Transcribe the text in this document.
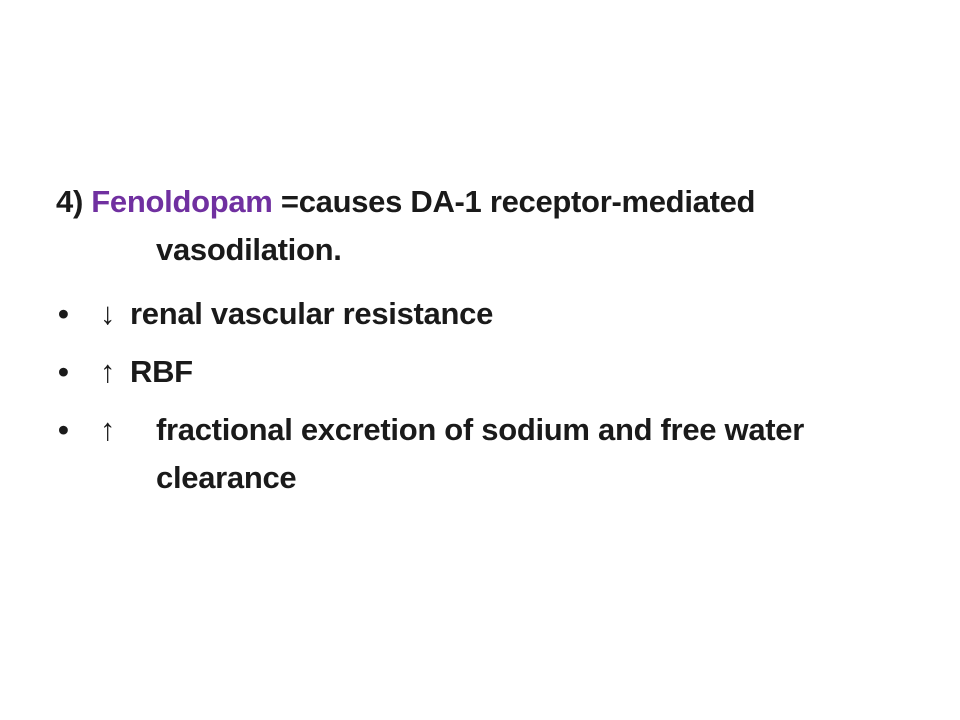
4) Fenoldopam =causes DA-1 receptor-mediated vasodilation.

•	↓ renal vascular resistance
•	↑ RBF
•	↑ fractional excretion of sodium and free water clearance
